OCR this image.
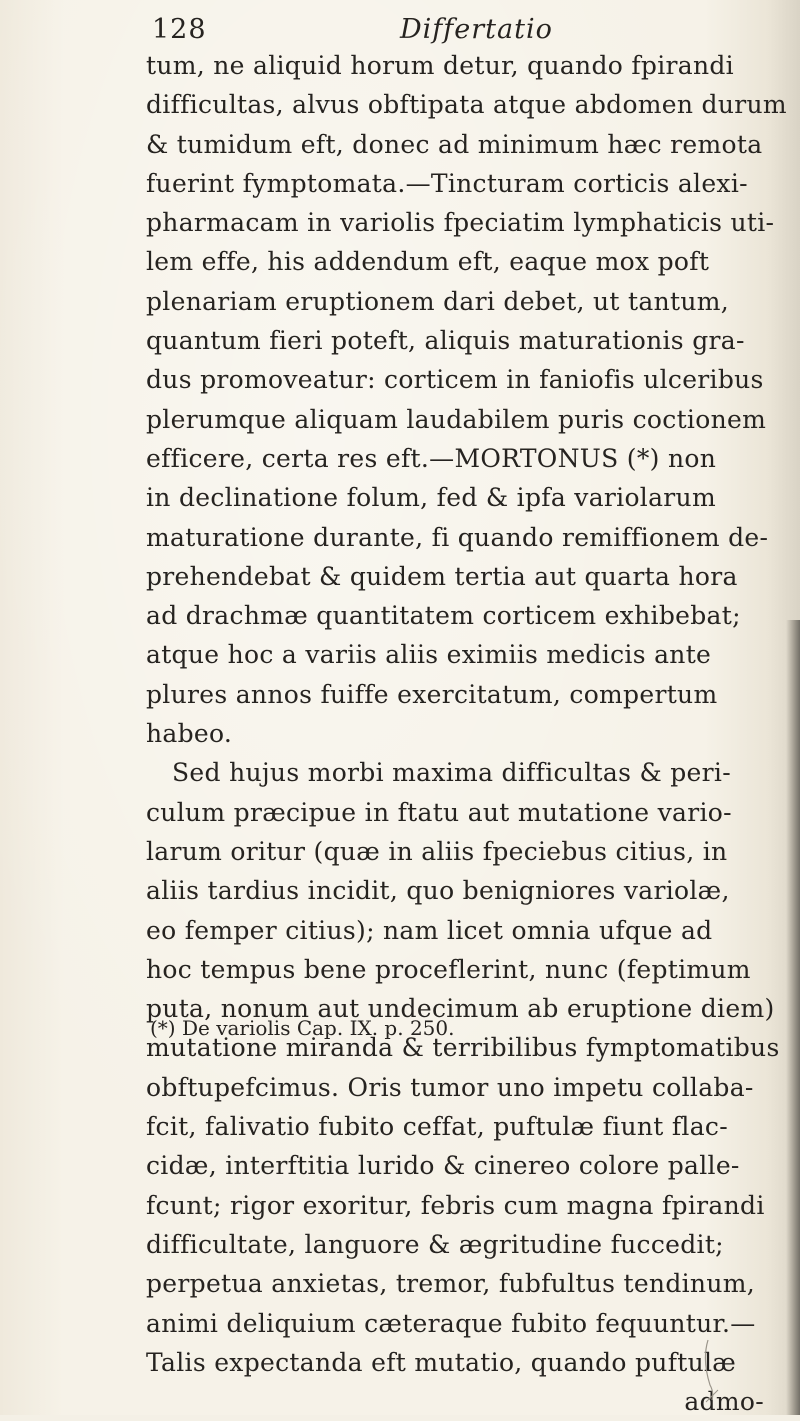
128	Differtatio
tum, ne aliquid horum detur, quando fpirandi
difficultas, alvus obftipata atque abdomen durum
& tumidum eft, donec ad minimum hæc remota
fuerint fymptomata.—Tincturam corticis alexi-
pharmacam in variolis fpeciatim lymphaticis uti-
lem effe, his addendum eft, eaque mox poft
plenariam eruptionem dari debet, ut tantum,
quantum fieri poteft, aliquis maturationis gra-
dus promoveatur: corticem in faniofis ulceribus
plerumque aliquam laudabilem puris coctionem
efficere, certa res eft.—MORTONUS (*) non
in declinatione folum, fed & ipfa variolarum
maturatione durante, fi quando remiffionem de-
prehendebat & quidem tertia aut quarta hora
ad drachmæ quantitatem corticem exhibebat;
atque hoc a variis aliis eximiis medicis ante
plures annos fuiffe exercitatum, compertum
habeo.
Sed hujus morbi maxima difficultas & peri-
culum præcipue in ftatu aut mutatione vario-
larum oritur (quæ in aliis fpeciebus citius, in
aliis tardius incidit, quo benigniores variolæ,
eo femper citius); nam licet omnia ufque ad
hoc tempus bene proceflerint, nunc (feptimum
puta, nonum aut undecimum ab eruptione diem)
mutatione miranda & terribilibus fymptomatibus
obftupefcimus. Oris tumor uno impetu collaba-
fcit, falivatio fubito ceffat, puftulæ fiunt flac-
cidæ, interftitia lurido & cinereo colore palle-
fcunt; rigor exoritur, febris cum magna fpirandi
difficultate, languore & ægritudine fuccedit;
perpetua anxietas, tremor, fubfultus tendinum,
animi deliquium cæteraque fubito fequuntur.—
Talis expectanda eft mutatio, quando puftulæ
admo-
(*) De variolis Cap. IX. p. 250.
